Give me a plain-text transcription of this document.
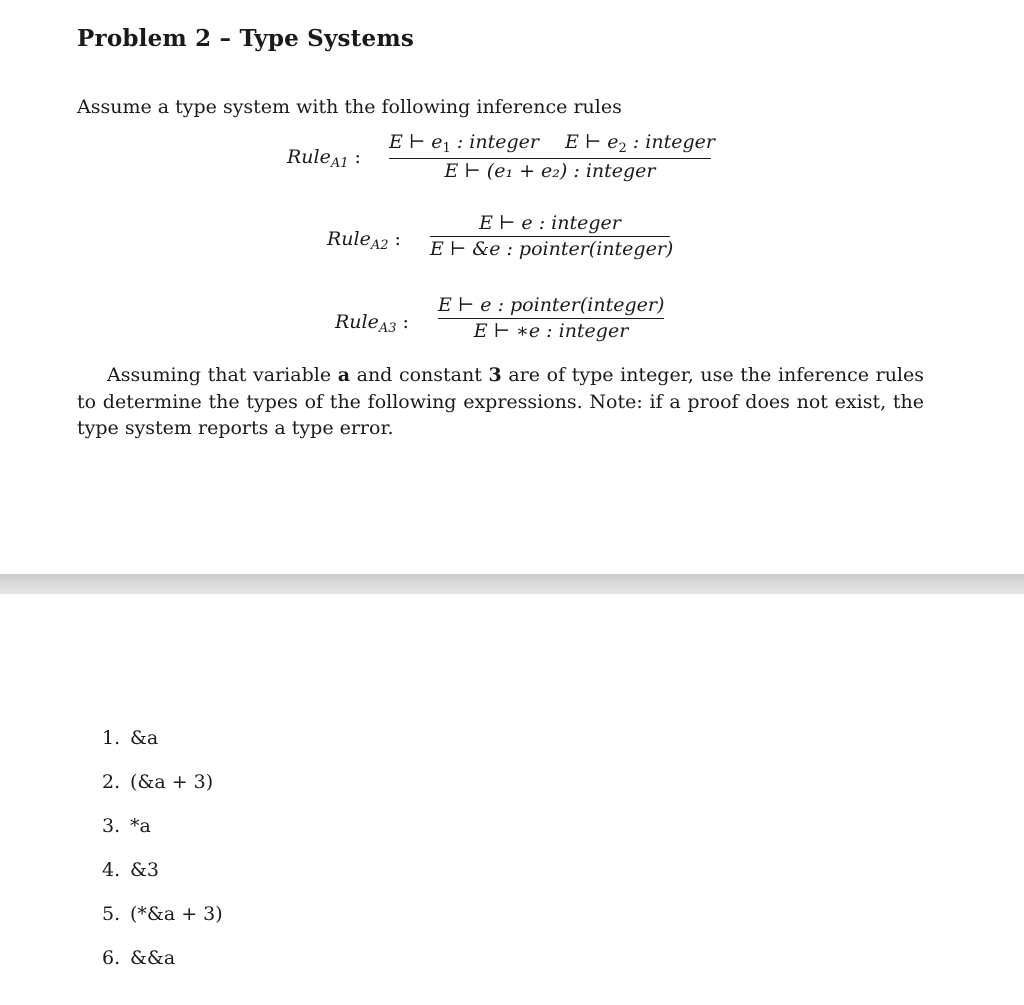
Problem 2 – Type Systems

Assume a type system with the following inference rules

Rule$_{A1}$ :
E ⊢ $e_1$ : integer E ⊢ $e_2$ : integer
E ⊢ (e₁ + e₂) : integer
Rule$_{A2}$ :
E ⊢ e : integer
E ⊢ &e : pointer(integer)
Rule$_{A3}$ :
E ⊢ e : pointer(integer)
E ⊢ ∗e : integer

Assuming that variable a and constant 3 are of type integer, use the inference rules to determine the types of the following expressions. Note: if a proof does not exist, the type system reports a type error.

1. &a
2. (&a + 3)
3. *a
4. &3
5. (*&a + 3)
6. &&a
